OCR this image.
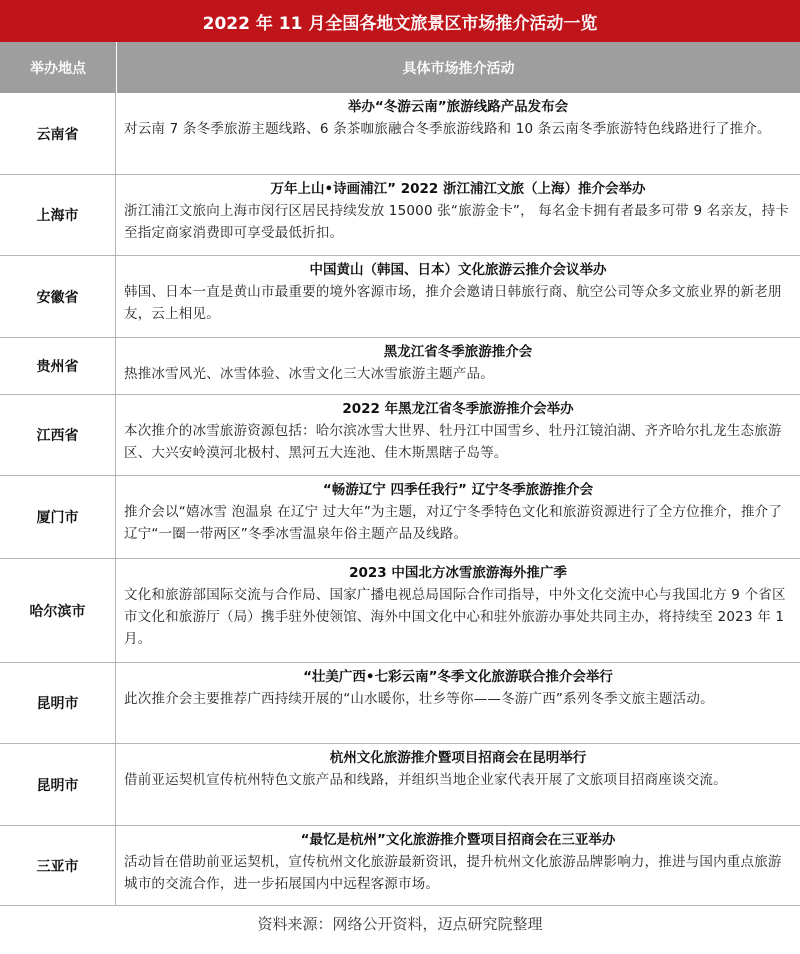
2022 年 11 月全国各地文旅景区市场推介活动一览
举办地点	具体市场推介活动
云南省
举办“冬游云南”旅游线路产品发布会
对云南 7 条冬季旅游主题线路、6 条茶咖旅融合冬季旅游线路和 10 条云南冬季旅游特色线路进行了推介。
上海市
万年上山•诗画浦江” 2022 浙江浦江文旅（上海）推介会举办
浙江浦江文旅向上海市闵行区居民持续发放 15000 张“旅游金卡”， 每名金卡拥有者最多可带 9 名亲友，持卡至指定商家消费即可享受最低折扣。
安徽省
中国黄山（韩国、日本）文化旅游云推介会议举办
韩国、日本一直是黄山市最重要的境外客源市场，推介会邀请日韩旅行商、航空公司等众多文旅业界的新老朋友，云上相见。
贵州省
黑龙江省冬季旅游推介会
热推冰雪风光、冰雪体验、冰雪文化三大冰雪旅游主题产品。
江西省
2022 年黑龙江省冬季旅游推介会举办
本次推介的冰雪旅游资源包括：哈尔滨冰雪大世界、牡丹江中国雪乡、牡丹江镜泊湖、齐齐哈尔扎龙生态旅游区、大兴安岭漠河北极村、黑河五大连池、佳木斯黑瞎子岛等。
厦门市
“畅游辽宁 四季任我行” 辽宁冬季旅游推介会
推介会以“嬉冰雪 泡温泉 在辽宁 过大年”为主题，对辽宁冬季特色文化和旅游资源进行了全方位推介，推介了辽宁“一圈一带两区”冬季冰雪温泉年俗主题产品及线路。
哈尔滨市
2023 中国北方冰雪旅游海外推广季
文化和旅游部国际交流与合作局、国家广播电视总局国际合作司指导，中外文化交流中心与我国北方 9 个省区市文化和旅游厅（局）携手驻外使领馆、海外中国文化中心和驻外旅游办事处共同主办，将持续至 2023 年 1 月。
昆明市
“壮美广西•七彩云南”冬季文化旅游联合推介会举行
此次推介会主要推荐广西持续开展的“山水暖你，壮乡等你——冬游广西”系列冬季文旅主题活动。
昆明市
杭州文化旅游推介暨项目招商会在昆明举行
借前亚运契机宣传杭州特色文旅产品和线路，并组织当地企业家代表开展了文旅项目招商座谈交流。
三亚市
“最忆是杭州”文化旅游推介暨项目招商会在三亚举办
活动旨在借助前亚运契机，宣传杭州文化旅游最新资讯，提升杭州文化旅游品牌影响力，推进与国内重点旅游城市的交流合作，进一步拓展国内中远程客源市场。
资料来源：网络公开资料，迈点研究院整理
